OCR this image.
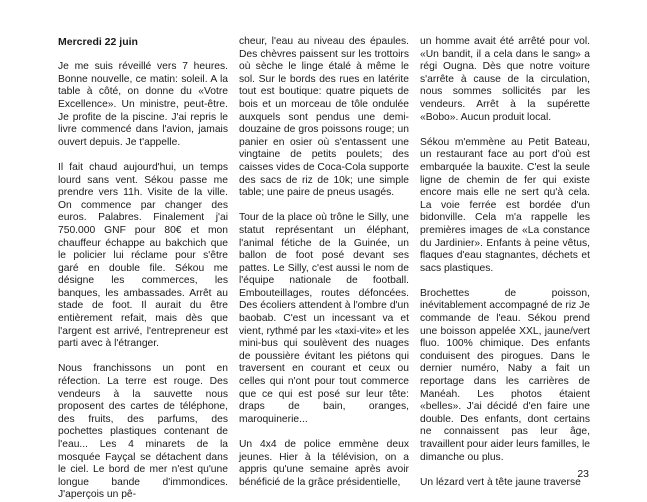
Mercredi 22 juin

Je me suis réveillé vers 7 heures. Bonne nouvelle, ce matin: soleil. A la table à côté, on donne du «Votre Excellence». Un ministre, peut-être. Je profite de la piscine. J'ai repris le livre commencé dans l'avion, jamais ouvert depuis. Je t'appelle.

Il fait chaud aujourd'hui, un temps lourd sans vent. Sékou passe me prendre vers 11h. Visite de la ville. On commence par changer des euros. Palabres. Finalement j'ai 750.000 GNF pour 80€ et mon chauffeur échappe au bakchich que le policier lui réclame pour s'être garé en double file. Sékou me désigne les commerces, les banques, les ambassades. Arrêt au stade de foot. Il aurait du être entièrement refait, mais dès que l'argent est arrivé, l'entrepreneur est parti avec à l'étranger.

Nous franchissons un pont en réfection. La terre est rouge. Des vendeurs à la sauvette nous proposent des cartes de téléphone, des fruits, des parfums, des pochettes plastiques contenant de l'eau... Les 4 minarets de la mosquée Fayçal se détachent dans le ciel. Le bord de mer n'est qu'une longue bande d'immondices. J'aperçois un pê-

cheur, l'eau au niveau des épaules. Des chèvres paissent sur les trottoirs où sèche le linge étalé à même le sol. Sur le bords des rues en latérite tout est boutique: quatre piquets de bois et un morceau de tôle ondulée auxquels sont pendus une demi-douzaine de gros poissons rouge; un panier en osier où s'entassent une vingtaine de petits poulets; des caisses vides de Coca-Cola supporte des sacs de riz de 10k; une simple table; une paire de pneus usagés.

Tour de la place où trône le Silly, une statut représentant un éléphant, l'animal fétiche de la Guinée, un ballon de foot posé devant ses pattes. Le Silly, c'est aussi le nom de l'équipe nationale de football. Embouteillages, routes défoncées. Des écoliers attendent à l'ombre d'un baobab. C'est un incessant va et vient, rythmé par les «taxi-vite» et les mini-bus qui soulèvent des nuages de poussière évitant les piétons qui traversent en courant et ceux ou celles qui n'ont pour tout commerce que ce qui est posé sur leur tête: draps de bain, oranges, maroquinerie...

Un 4x4 de police emmène deux jeunes. Hier à la télévision, on a appris qu'une semaine après avoir bénéficié de la grâce présidentielle,

un homme avait été arrêté pour vol. «Un bandit, il a cela dans le sang» a régi Ougna. Dès que notre voiture s'arrête à cause de la circulation, nous sommes sollicités par les vendeurs. Arrêt à la supérette «Bobo». Aucun produit local.

Sékou m'emmène au Petit Bateau, un restaurant face au port d'où est embarquée la bauxite. C'est la seule ligne de chemin de fer qui existe encore mais elle ne sert qu'à cela. La voie ferrée est bordée d'un bidonville. Cela m'a rappelle les premières images de «La constance du Jardinier». Enfants à peine vêtus, flaques d'eau stagnantes, déchets et sacs plastiques.

Brochettes de poisson, inévitablement accompagné de riz Je commande de l'eau. Sékou prend une boisson appelée XXL, jaune/vert fluo. 100% chimique. Des enfants conduisent des pirogues. Dans le dernier numéro, Naby a fait un reportage dans les carrières de Manéah. Les photos étaient «belles». J'ai décidé d'en faire une double. Des enfants, dont certains ne connaissent pas leur âge, travaillent pour aider leurs familles, le dimanche ou plus.

Un lézard vert à tête jaune traverse

23
